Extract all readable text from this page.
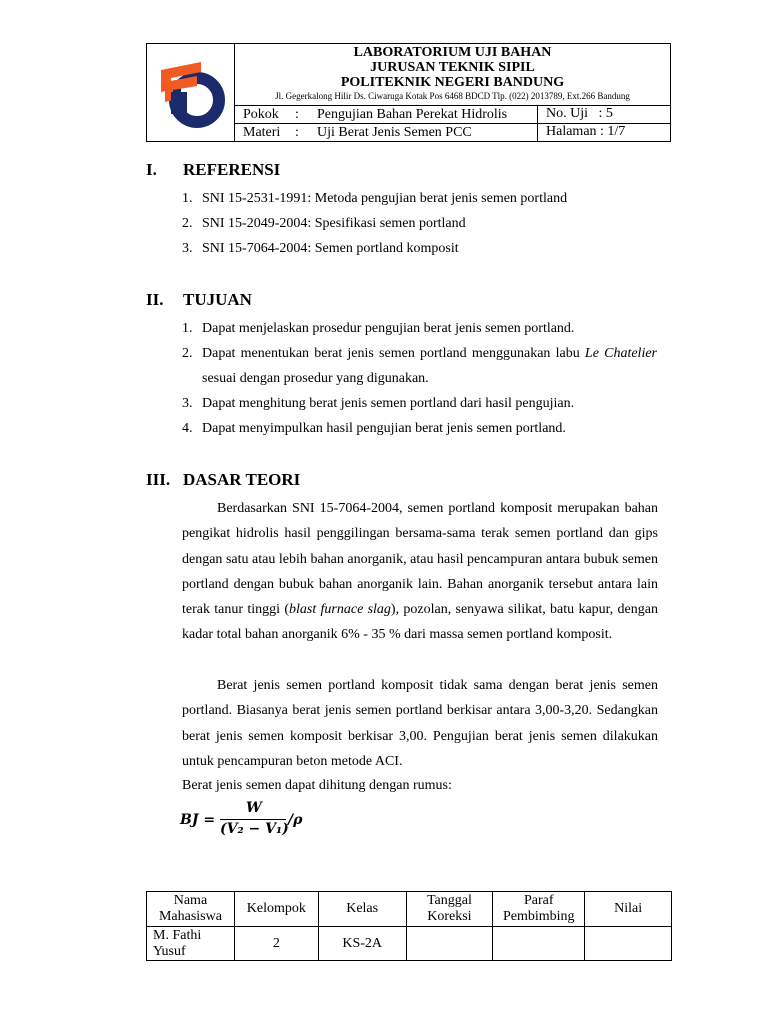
LABORATORIUM UJI BAHAN
JURUSAN TEKNIK SIPIL
POLITEKNIK NEGERI BANDUNG
Jl. Gegerkalong Hilir Ds. Ciwaruga Kotak Pos 6468 BDCD Tlp. (022) 2013789, Ext.266 Bandung
Pokok : Pengujian Bahan Perekat Hidrolis	No. Uji   : 5
Materi : Uji Berat Jenis Semen PCC	Halaman : 1/7
I. REFERENSI
1. SNI 15-2531-1991: Metoda pengujian berat jenis semen portland
2. SNI 15-2049-2004: Spesifikasi semen portland
3. SNI 15-7064-2004: Semen portland komposit
II. TUJUAN
1. Dapat menjelaskan prosedur pengujian berat jenis semen portland.
2. Dapat menentukan berat jenis semen portland menggunakan labu Le Chatelier sesuai dengan prosedur yang digunakan.
3. Dapat menghitung berat jenis semen portland dari hasil pengujian.
4. Dapat menyimpulkan hasil pengujian berat jenis semen portland.
III. DASAR TEORI

Berdasarkan SNI 15-7064-2004, semen portland komposit merupakan bahan pengikat hidrolis hasil penggilingan bersama-sama terak semen portland dan gips dengan satu atau lebih bahan anorganik, atau hasil pencampuran antara bubuk semen portland dengan bubuk bahan anorganik lain. Bahan anorganik tersebut antara lain terak tanur tinggi (blast furnace slag), pozolan, senyawa silikat, batu kapur, dengan kadar total bahan anorganik 6% - 35 % dari massa semen portland komposit.

Berat jenis semen portland komposit tidak sama dengan berat jenis semen portland. Biasanya berat jenis semen portland berkisar antara 3,00-3,20. Sedangkan berat jenis semen komposit berkisar 3,00. Pengujian berat jenis semen dilakukan untuk pencampuran beton metode ACI.

Berat jenis semen dapat dihitung dengan rumus:
BJ =
W
(V₂ − V₁)
/ρ
Nama Mahasiswa	Kelompok	Kelas	Tanggal Koreksi	Paraf Pembimbing	Nilai
M. Fathi Yusuf	2	KS-2A			
